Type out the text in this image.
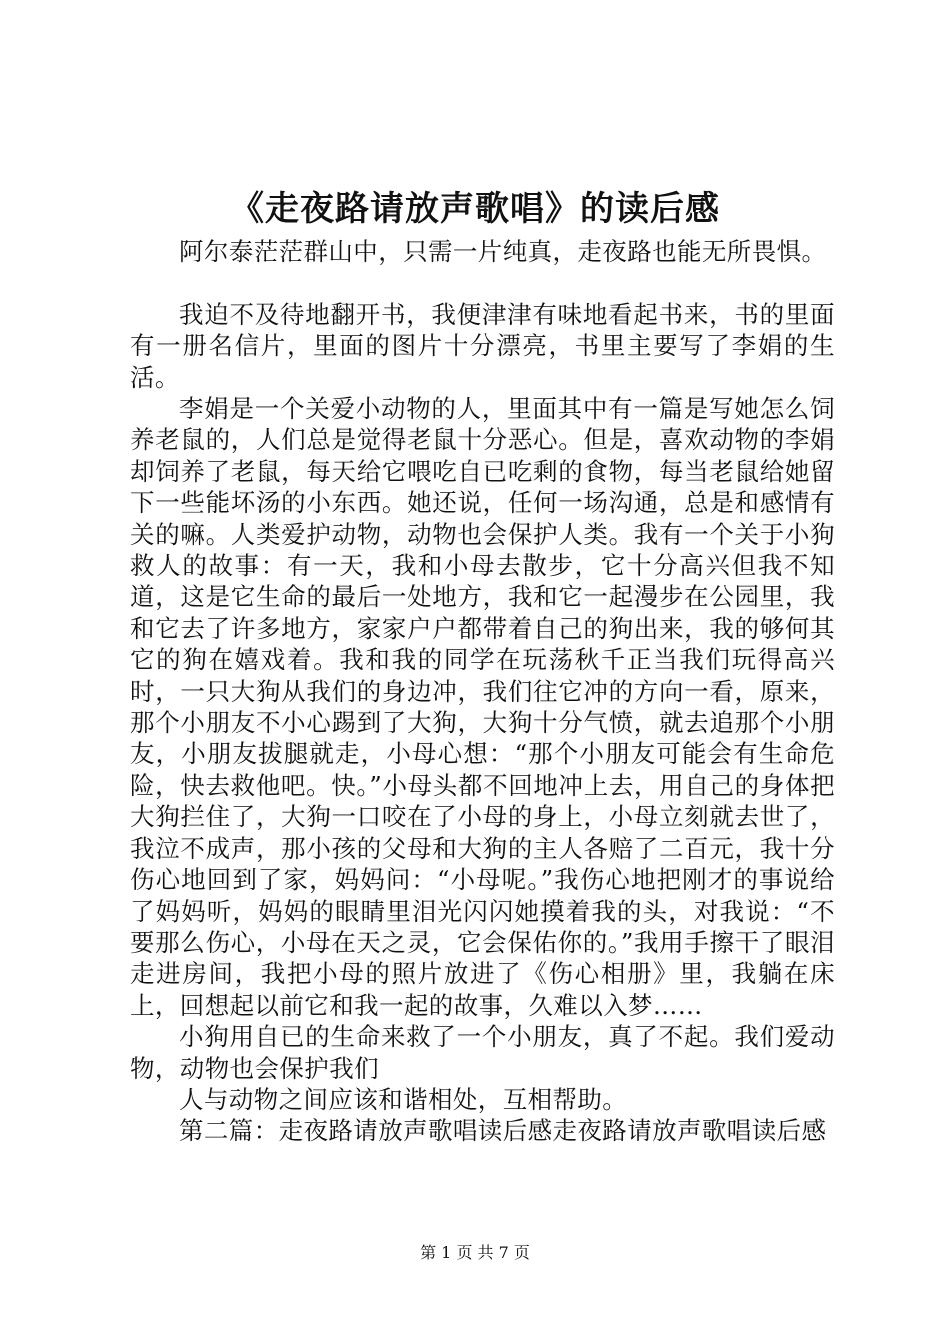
《走夜路请放声歌唱》的读后感

阿尔泰茫茫群山中，只需一片纯真，走夜路也能无所畏惧。

我迫不及待地翻开书，我便津津有味地看起书来，书的里面有一册名信片，里面的图片十分漂亮，书里主要写了李娟的生活。

李娟是一个关爱小动物的人，里面其中有一篇是写她怎么饲养老鼠的，人们总是觉得老鼠十分恶心。但是，喜欢动物的李娟却饲养了老鼠，每天给它喂吃自已吃剩的食物，每当老鼠给她留下一些能坏汤的小东西。她还说，任何一场沟通，总是和感情有关的嘛。人类爱护动物，动物也会保护人类。我有一个关于小狗救人的故事：有一天，我和小母去散步，它十分高兴但我不知道，这是它生命的最后一处地方，我和它一起漫步在公园里，我和它去了许多地方，家家户户都带着自己的狗出来，我的够何其它的狗在嬉戏着。我和我的同学在玩荡秋千正当我们玩得高兴时，一只大狗从我们的身边冲，我们往它冲的方向一看，原来，那个小朋友不小心踢到了大狗，大狗十分气愤，就去追那个小朋友，小朋友拔腿就走，小母心想：“那个小朋友可能会有生命危险，快去救他吧。快。”小母头都不回地冲上去，用自己的身体把大狗拦住了，大狗一口咬在了小母的身上，小母立刻就去世了，我泣不成声，那小孩的父母和大狗的主人各赔了二百元，我十分伤心地回到了家，妈妈问：“小母呢。”我伤心地把刚才的事说给了妈妈听，妈妈的眼睛里泪光闪闪她摸着我的头，对我说：“不要那么伤心，小母在天之灵，它会保佑你的。”我用手擦干了眼泪走进房间，我把小母的照片放进了《伤心相册》里，我躺在床上，回想起以前它和我一起的故事，久难以入梦……

小狗用自已的生命来救了一个小朋友，真了不起。我们爱动物，动物也会保护我们

人与动物之间应该和谐相处，互相帮助。

第二篇：走夜路请放声歌唱读后感走夜路请放声歌唱读后感

第 1 页 共 7 页
